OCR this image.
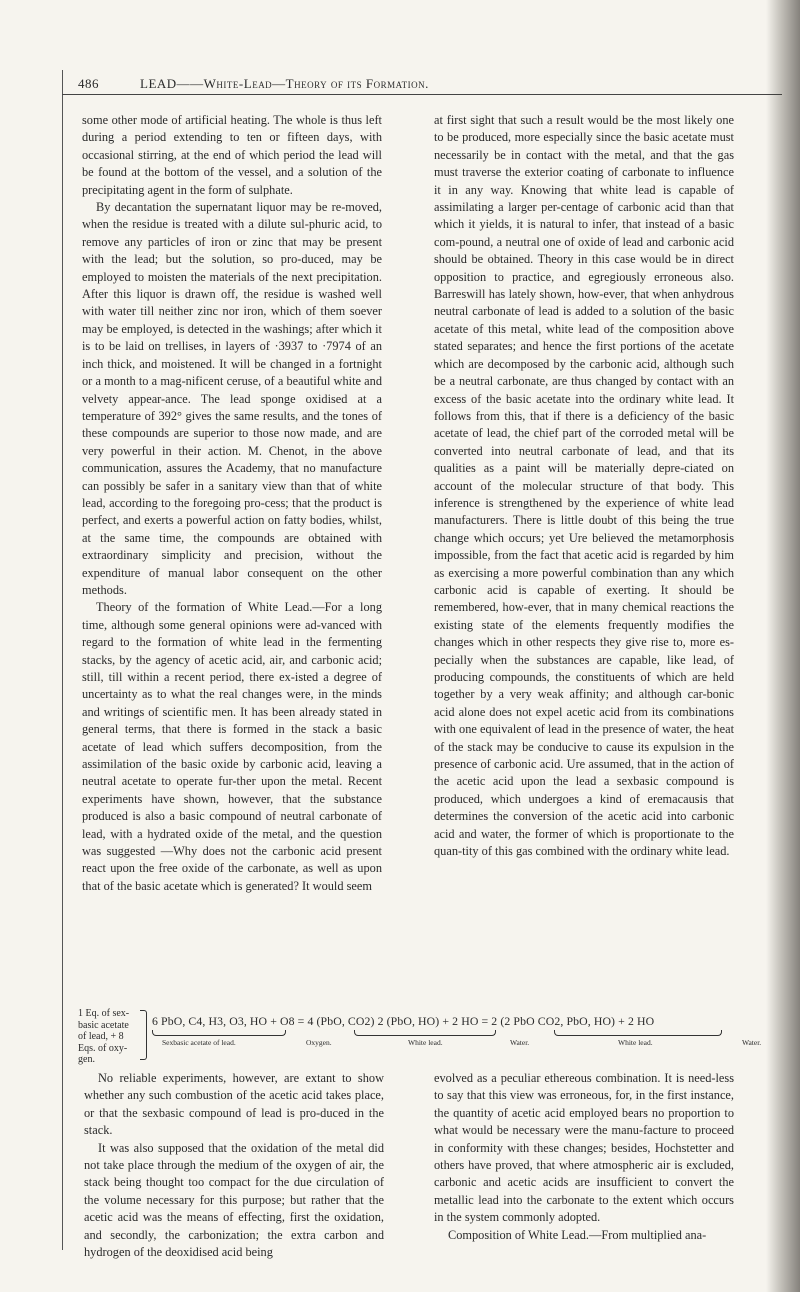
486	LEAD——White-Lead—Theory of its Formation.

some other mode of artificial heating. The whole is thus left during a period extending to ten or fifteen days, with occasional stirring, at the end of which period the lead will be found at the bottom of the vessel, and a solution of the precipitating agent in the form of sulphate.

By decantation the supernatant liquor may be re-moved, when the residue is treated with a dilute sul-phuric acid, to remove any particles of iron or zinc that may be present with the lead; but the solution, so pro-duced, may be employed to moisten the materials of the next precipitation. After this liquor is drawn off, the residue is washed well with water till neither zinc nor iron, which of them soever may be employed, is detected in the washings; after which it is to be laid on trellises, in layers of ·3937 to ·7974 of an inch thick, and moistened. It will be changed in a fortnight or a month to a mag-nificent ceruse, of a beautiful white and velvety appear-ance. The lead sponge oxidised at a temperature of 392° gives the same results, and the tones of these compounds are superior to those now made, and are very powerful in their action. M. Chenot, in the above communication, assures the Academy, that no manufacture can possibly be safer in a sanitary view than that of white lead, according to the foregoing pro-cess; that the product is perfect, and exerts a powerful action on fatty bodies, whilst, at the same time, the compounds are obtained with extraordinary simplicity and precision, without the expenditure of manual labor consequent on the other methods.

Theory of the formation of White Lead.—For a long time, although some general opinions were ad-vanced with regard to the formation of white lead in the fermenting stacks, by the agency of acetic acid, air, and carbonic acid; still, till within a recent period, there ex-isted a degree of uncertainty as to what the real changes were, in the minds and writings of scientific men. It has been already stated in general terms, that there is formed in the stack a basic acetate of lead which suffers decomposition, from the assimilation of the basic oxide by carbonic acid, leaving a neutral acetate to operate fur-ther upon the metal. Recent experiments have shown, however, that the substance produced is also a basic compound of neutral carbonate of lead, with a hydrated oxide of the metal, and the question was suggested —Why does not the carbonic acid present react upon the free oxide of the carbonate, as well as upon that of the basic acetate which is generated? It would seem

at first sight that such a result would be the most likely one to be produced, more especially since the basic acetate must necessarily be in contact with the metal, and that the gas must traverse the exterior coating of carbonate to influence it in any way. Knowing that white lead is capable of assimilating a larger per-centage of carbonic acid than that which it yields, it is natural to infer, that instead of a basic com-pound, a neutral one of oxide of lead and carbonic acid should be obtained. Theory in this case would be in direct opposition to practice, and egregiously erroneous also. Barreswill has lately shown, how-ever, that when anhydrous neutral carbonate of lead is added to a solution of the basic acetate of this metal, white lead of the composition above stated separates; and hence the first portions of the acetate which are decomposed by the carbonic acid, although such be a neutral carbonate, are thus changed by contact with an excess of the basic acetate into the ordinary white lead. It follows from this, that if there is a deficiency of the basic acetate of lead, the chief part of the corroded metal will be converted into neutral carbonate of lead, and that its qualities as a paint will be materially depre-ciated on account of the molecular structure of that body. This inference is strengthened by the experience of white lead manufacturers. There is little doubt of this being the true change which occurs; yet Ure believed the metamorphosis impossible, from the fact that acetic acid is regarded by him as exercising a more powerful combination than any which carbonic acid is capable of exerting. It should be remembered, how-ever, that in many chemical reactions the existing state of the elements frequently modifies the changes which in other respects they give rise to, more es-pecially when the substances are capable, like lead, of producing compounds, the constituents of which are held together by a very weak affinity; and although car-bonic acid alone does not expel acetic acid from its combinations with one equivalent of lead in the presence of water, the heat of the stack may be conducive to cause its expulsion in the presence of carbonic acid. Ure assumed, that in the action of the acetic acid upon the lead a sexbasic compound is produced, which undergoes a kind of eremacausis that determines the conversion of the acetic acid into carbonic acid and water, the former of which is proportionate to the quan-tity of this gas combined with the ordinary white lead.

1 Eq. of sex-basic acetate of lead, + 8 Eqs. of oxy-gen.
6 PbO, C4, H3, O3, HO + O8 = 4 (PbO, CO2) 2 (PbO, HO) + 2 HO = 2 (2 PbO CO2, PbO, HO) + 2 HO
Sexbasic acetate of lead.	Oxygen.	White lead.	Water.	White lead.	Water.

No reliable experiments, however, are extant to show whether any such combustion of the acetic acid takes place, or that the sexbasic compound of lead is pro-duced in the stack.

It was also supposed that the oxidation of the metal did not take place through the medium of the oxygen of air, the stack being thought too compact for the due circulation of the volume necessary for this purpose; but rather that the acetic acid was the means of effecting, first the oxidation, and secondly, the carbonization; the extra carbon and hydrogen of the deoxidised acid being

evolved as a peculiar ethereous combination. It is need-less to say that this view was erroneous, for, in the first instance, the quantity of acetic acid employed bears no proportion to what would be necessary were the manu-facture to proceed in conformity with these changes; besides, Hochstetter and others have proved, that where atmospheric air is excluded, carbonic and acetic acids are insufficient to convert the metallic lead into the carbonate to the extent which occurs in the system commonly adopted.

Composition of White Lead.—From multiplied ana-
